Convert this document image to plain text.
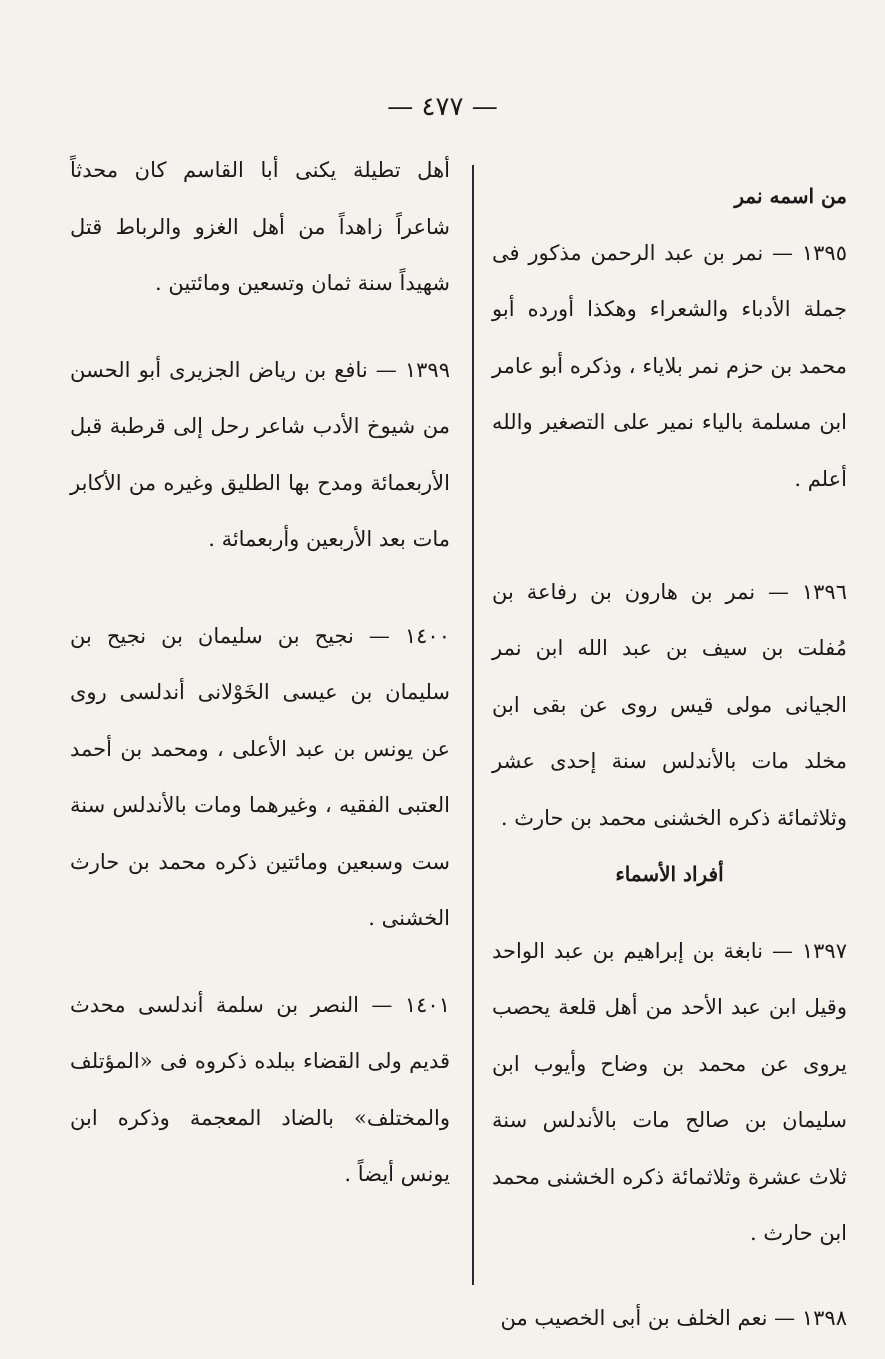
— ٤٧٧ —
من اسمه نمر

١٣٩٥ — نمر بن عبد الرحمن مذكور فى جملة الأدباء والشعراء وهكذا أورده أبو محمد بن حزم نمر بلاياء ، وذكره أبو عامر ابن مسلمة بالياء نمير على التصغير والله أعلم .

١٣٩٦ — نمر بن هارون بن رفاعة بن مُفلت بن سيف بن عبد الله ابن نمر الجيانى مولى قيس روى عن بقى ابن مخلد مات بالأندلس سنة إحدى عشر وثلاثمائة ذكره الخشنى محمد بن حارث .

أفراد الأسماء

١٣٩٧ — نابغة بن إبراهيم بن عبد الواحد وقيل ابن عبد الأحد من أهل قلعة يحصب يروى عن محمد بن وضاح وأيوب ابن سليمان بن صالح مات بالأندلس سنة ثلاث عشرة وثلاثمائة ذكره الخشنى محمد ابن حارث .

١٣٩٨ — نعم الخلف بن أبى الخصيب من

أهل تطيلة يكنى أبا القاسم كان محدثاً شاعراً زاهداً من أهل الغزو والرباط قتل شهيداً سنة ثمان وتسعين ومائتين .

١٣٩٩ — نافع بن رياض الجزيرى أبو الحسن من شيوخ الأدب شاعر رحل إلى قرطبة قبل الأربعمائة ومدح بها الطليق وغيره من الأكابر مات بعد الأربعين وأربعمائة .

١٤٠٠ — نجيح بن سليمان بن نجيح بن سليمان بن عيسى الخَوْلانى أندلسى روى عن يونس بن عبد الأعلى ، ومحمد بن أحمد العتبى الفقيه ، وغيرهما ومات بالأندلس سنة ست وسبعين ومائتين ذكره محمد بن حارث الخشنى .

١٤٠١ — النصر بن سلمة أندلسى محدث قديم ولى القضاء ببلده ذكروه فى «المؤتلف والمختلف» بالضاد المعجمة وذكره ابن يونس أيضاً .
